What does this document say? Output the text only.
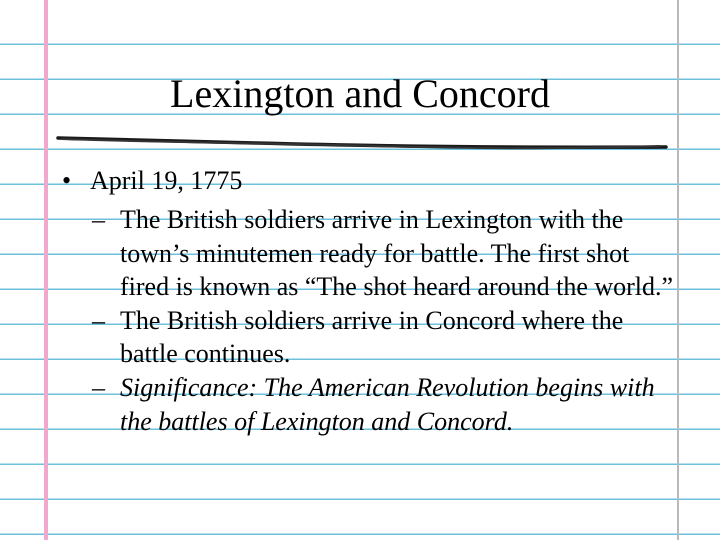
Lexington and Concord
• April 19, 1775
– The British soldiers arrive in Lexington with the town’s minutemen ready for battle. The first shot fired is known as “The shot heard around the world.”
– The British soldiers arrive in Concord where the battle continues.
– Significance: The American Revolution begins with the battles of Lexington and Concord.
